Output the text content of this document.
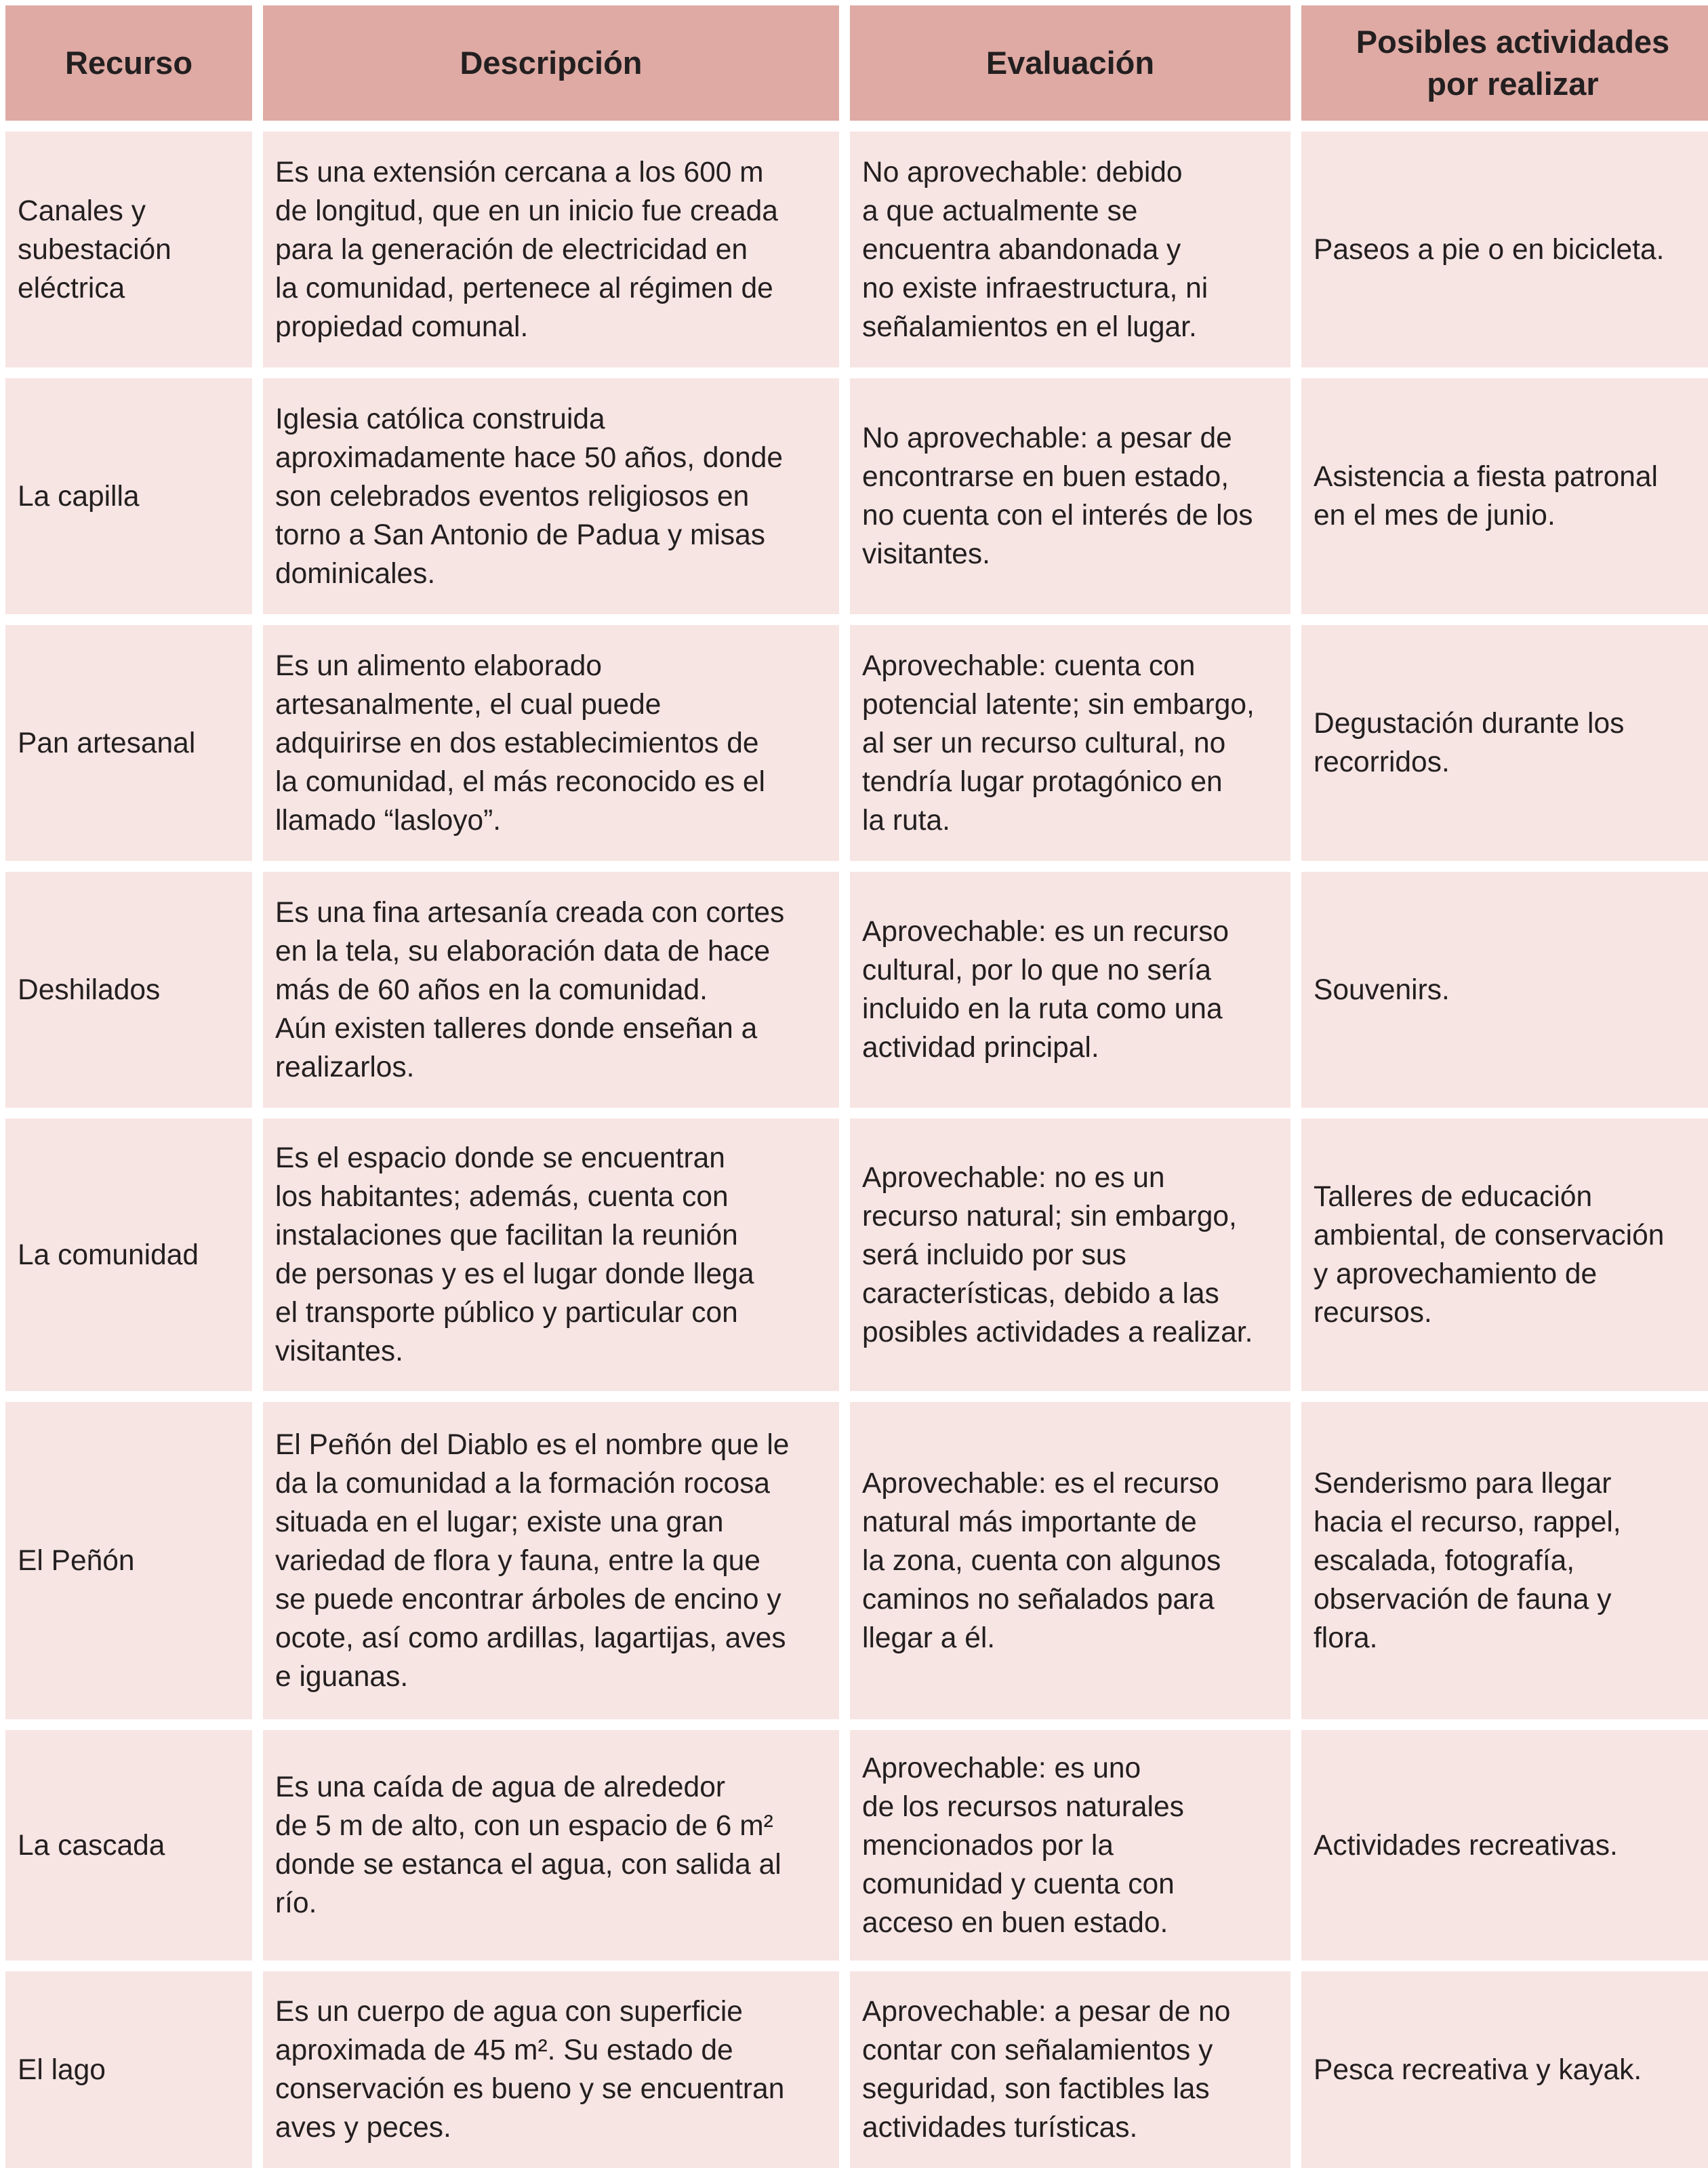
Recurso	Descripción	Evaluación
Posibles actividades
por realizar
Canales y
subestación
eléctrica
Es una extensión cercana a los 600 m
de longitud, que en un inicio fue creada
para la generación de electricidad en
la comunidad, pertenece al régimen de
propiedad comunal.
No aprovechable: debido
a que actualmente se
encuentra abandonada y
no existe infraestructura, ni
señalamientos en el lugar.
Paseos a pie o en bicicleta.
La capilla
Iglesia católica construida
aproximadamente hace 50 años, donde
son celebrados eventos religiosos en
torno a San Antonio de Padua y misas
dominicales.
No aprovechable: a pesar de
encontrarse en buen estado,
no cuenta con el interés de los
visitantes.
Asistencia a fiesta patronal
en el mes de junio.
Pan artesanal
Es un alimento elaborado
artesanalmente, el cual puede
adquirirse en dos establecimientos de
la comunidad, el más reconocido es el
llamado “lasloyo”.
Aprovechable: cuenta con
potencial latente; sin embargo,
al ser un recurso cultural, no
tendría lugar protagónico en
la ruta.
Degustación durante los
recorridos.
Deshilados
Es una fina artesanía creada con cortes
en la tela, su elaboración data de hace
más de 60 años en la comunidad.
Aún existen talleres donde enseñan a
realizarlos.
Aprovechable: es un recurso
cultural, por lo que no sería
incluido en la ruta como una
actividad principal.
Souvenirs.
La comunidad
Es el espacio donde se encuentran
los habitantes; además, cuenta con
instalaciones que facilitan la reunión
de personas y es el lugar donde llega
el transporte público y particular con
visitantes.
Aprovechable: no es un
recurso natural; sin embargo,
será incluido por sus
características, debido a las
posibles actividades a realizar.
Talleres de educación
ambiental, de conservación
y aprovechamiento de
recursos.
El Peñón
El Peñón del Diablo es el nombre que le
da la comunidad a la formación rocosa
situada en el lugar; existe una gran
variedad de flora y fauna, entre la que
se puede encontrar árboles de encino y
ocote, así como ardillas, lagartijas, aves
e iguanas.
Aprovechable: es el recurso
natural más importante de
la zona, cuenta con algunos
caminos no señalados para
llegar a él.
Senderismo para llegar
hacia el recurso, rappel,
escalada, fotografía,
observación de fauna y
flora.
La cascada
Es una caída de agua de alrededor
de 5 m de alto, con un espacio de 6 m²
donde se estanca el agua, con salida al
río.
Aprovechable: es uno
de los recursos naturales
mencionados por la
comunidad y cuenta con
acceso en buen estado.
Actividades recreativas.
El lago
Es un cuerpo de agua con superficie
aproximada de 45 m². Su estado de
conservación es bueno y se encuentran
aves y peces.
Aprovechable: a pesar de no
contar con señalamientos y
seguridad, son factibles las
actividades turísticas.
Pesca recreativa y kayak.
